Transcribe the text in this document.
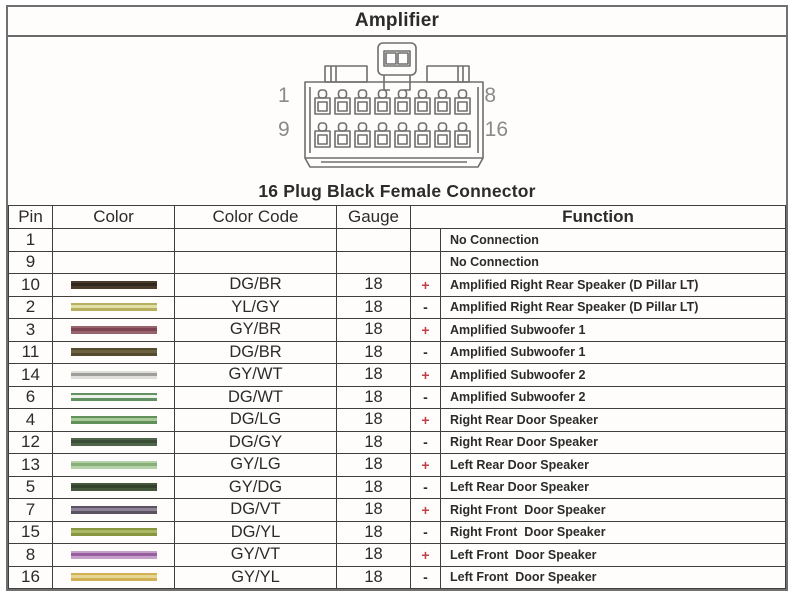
Amplifier
1	8
9	16
16 Plug Black Female Connector
Pin	Color	Color Code	Gauge	Function	
1					No Connection
9					No Connection
10		DG/BR	18	+	Amplified Right Rear Speaker (D Pillar LT)
2		YL/GY	18	-	Amplified Right Rear Speaker (D Pillar LT)
3		GY/BR	18	+	Amplified Subwoofer 1
11		DG/BR	18	-	Amplified Subwoofer 1
14		GY/WT	18	+	Amplified Subwoofer 2
6		DG/WT	18	-	Amplified Subwoofer 2
4		DG/LG	18	+	Right Rear Door Speaker
12		DG/GY	18	-	Right Rear Door Speaker
13		GY/LG	18	+	Left Rear Door Speaker
5		GY/DG	18	-	Left Rear Door Speaker
7		DG/VT	18	+	Right Front  Door Speaker
15		DG/YL	18	-	Right Front  Door Speaker
8		GY/VT	18	+	Left Front  Door Speaker
16		GY/YL	18	-	Left Front  Door Speaker
